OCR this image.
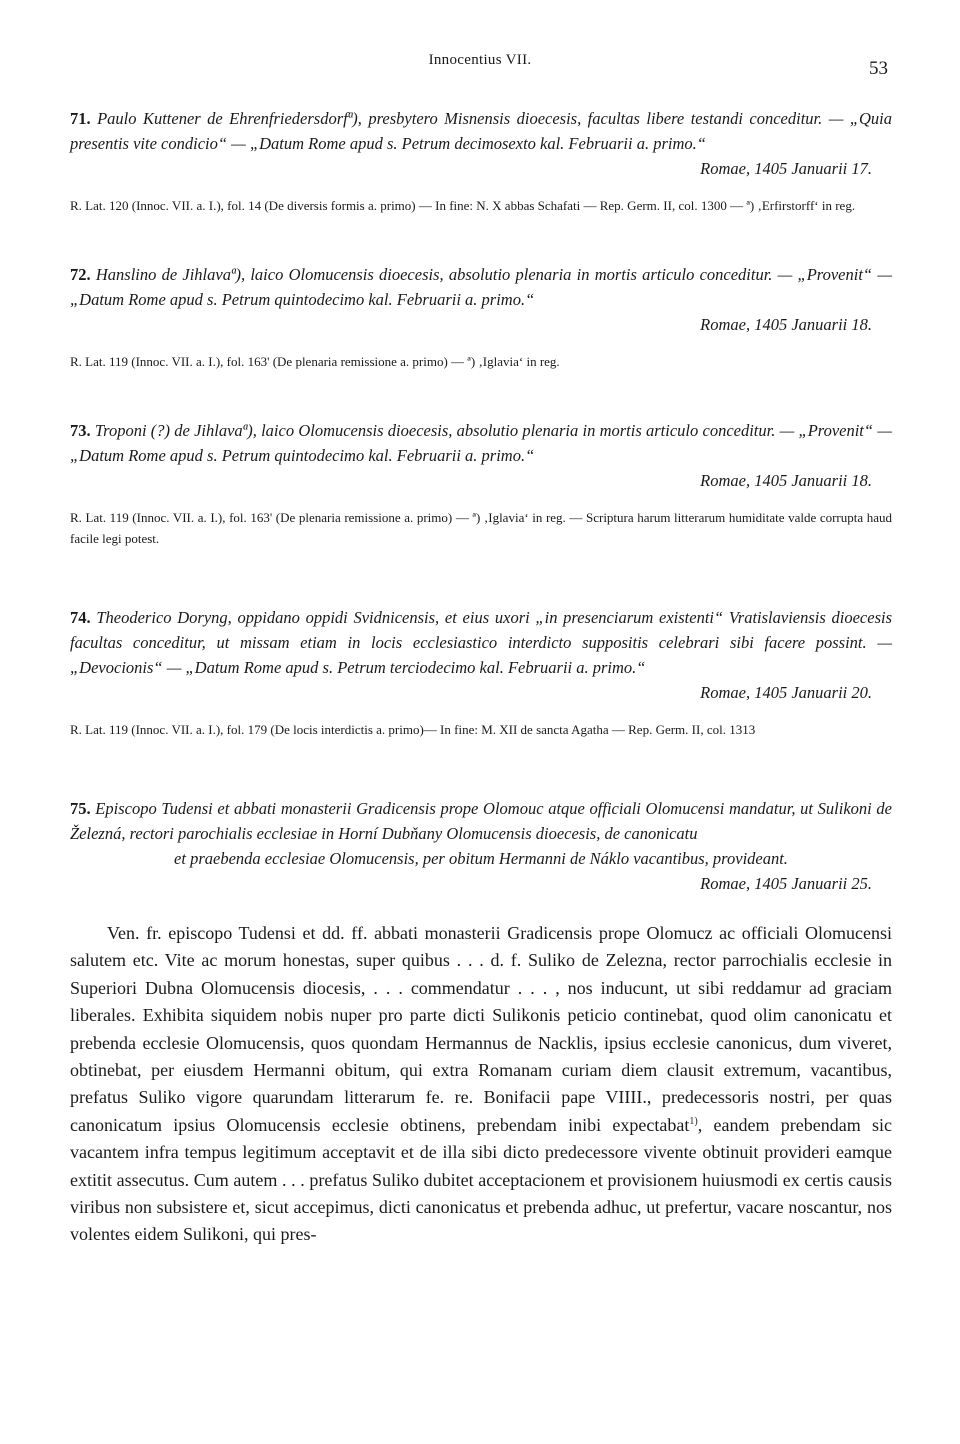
Innocentius VII.	53
71. Paulo Kuttener de Ehrenfriedersdorfª), presbytero Misnensis dioecesis, facultas libere testandi conceditur. — „Quia presentis vite condicio“ — „Datum Rome apud s. Petrum decimosexto kal. Februarii a. primo.“
Romae, 1405 Januarii 17.
R. Lat. 120 (Innoc. VII. a. I.), fol. 14 (De diversis formis a. primo) — In fine: N. X abbas Schafati — Rep. Germ. II, col. 1300 — ª) ‚Erfirstorff‘ in reg.
72. Hanslino de Jihlavaª), laico Olomucensis dioecesis, absolutio plenaria in mortis articulo conceditur. — „Provenit“ — „Datum Rome apud s. Petrum quintodecimo kal. Februarii a. primo.“
Romae, 1405 Januarii 18.
R. Lat. 119 (Innoc. VII. a. I.), fol. 163' (De plenaria remissione a. primo) — ª) ‚Iglavia‘ in reg.
73. Troponi (?) de Jihlavaª), laico Olomucensis dioecesis, absolutio plenaria in mortis articulo conceditur. — „Provenit“ — „Datum Rome apud s. Petrum quintodecimo kal. Februarii a. primo.“
Romae, 1405 Januarii 18.
R. Lat. 119 (Innoc. VII. a. I.), fol. 163' (De plenaria remissione a. primo) — ª) ‚Iglavia‘ in reg. — Scriptura harum litterarum humiditate valde corrupta haud facile legi potest.
74. Theoderico Doryng, oppidano oppidi Svidnicensis, et eius uxori „in presenciarum existenti“ Vratislaviensis dioecesis facultas conceditur, ut missam etiam in locis ecclesiastico interdicto suppositis celebrari sibi facere possint. — „Devocionis“ — „Datum Rome apud s. Petrum terciodecimo kal. Februarii a. primo.“
Romae, 1405 Januarii 20.
R. Lat. 119 (Innoc. VII. a. I.), fol. 179 (De locis interdictis a. primo)— In fine: M. XII de sancta Agatha — Rep. Germ. II, col. 1313
75. Episcopo Tudensi et abbati monasterii Gradicensis prope Olomouc atque officiali Olomucensi mandatur, ut Sulikoni de Železná, rectori parochialis ecclesiae in Horní Dubňany Olomucensis dioecesis, de canonicatu
et praebenda ecclesiae Olomucensis, per obitum Hermanni de Náklo vacantibus, provideant.
Romae, 1405 Januarii 25.
Ven. fr. episcopo Tudensi et dd. ff. abbati monasterii Gradicensis prope Olomucz ac officiali Olomucensi salutem etc. Vite ac morum honestas, super quibus . . . d. f. Suliko de Zelezna, rector parrochialis ecclesie in Superiori Dubna Olomucensis diocesis, . . . commendatur . . . , nos inducunt, ut sibi reddamur ad graciam liberales. Exhibita siquidem nobis nuper pro parte dicti Sulikonis peticio continebat, quod olim canonicatu et prebenda ecclesie Olomucensis, quos quondam Hermannus de Nacklis, ipsius ecclesie canonicus, dum viveret, obtinebat, per eiusdem Hermanni obitum, qui extra Romanam curiam diem clausit extremum, vacantibus, prefatus Suliko vigore quarundam litterarum fe. re. Bonifacii pape VIIII., predecessoris nostri, per quas canonicatum ipsius Olomucensis ecclesie obtinens, prebendam inibi expectabat$^{1)}$, eandem prebendam sic vacantem infra tempus legitimum acceptavit et de illa sibi dicto predecessore vivente obtinuit provideri eamque extitit assecutus. Cum autem . . . prefatus Suliko dubitet acceptacionem et provisionem huiusmodi ex certis causis viribus non subsistere et, sicut accepimus, dicti canonicatus et prebenda adhuc, ut prefertur, vacare noscantur, nos volentes eidem Sulikoni, qui pres-
